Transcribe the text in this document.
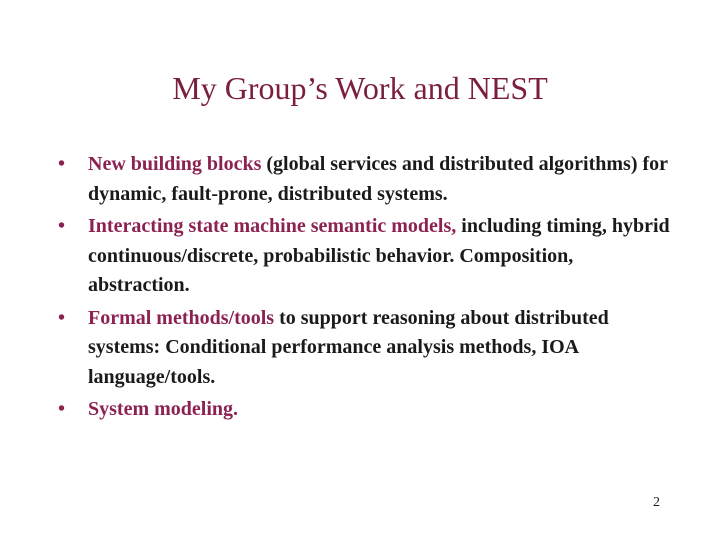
My Group’s Work and NEST
• New building blocks (global services and distributed algorithms) for dynamic, fault-prone, distributed systems.
• Interacting state machine semantic models, including timing, hybrid continuous/discrete, probabilistic behavior. Composition, abstraction.
• Formal methods/tools to support reasoning about distributed systems: Conditional performance analysis methods, IOA language/tools.
• System modeling.
2
